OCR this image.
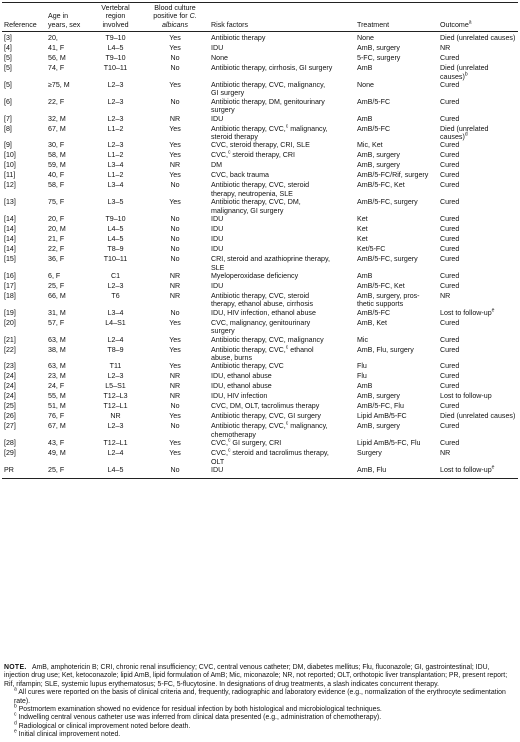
Reference	Age in years, sex	Vertebral region involved	Blood culture positive for C. albicans	Risk factors	Treatment	Outcome$^a$
[3]	20,	T9–10	Yes	Antibiotic therapy	None	Died (unrelated causes)
[4]	41, F	L4–5	Yes	IDU	AmB, surgery	NR
[5]	56, M	T9–10	No	None	5-FC, surgery	Cured
[5]	74, F	T10–11	No	Antibiotic therapy, cirrhosis, GI surgery	AmB	Died (unrelated causes)$^b$
[5]	≥75, M	L2–3	Yes	Antibiotic therapy, CVC, malignancy,
GI surgery	None	Cured
[6]	22, F	L2–3	No	Antibiotic therapy, DM, genitourinary
surgery	AmB/5-FC	Cured
[7]	32, M	L2–3	NR	IDU	AmB	Cured
[8]	67, M	L1–2	Yes	Antibiotic therapy, CVC,$^c$ malignancy,
steroid therapy	AmB/5-FC	Died (unrelated causes)$^d$
[9]	30, F	L2–3	Yes	CVC, steroid therapy, CRI, SLE	Mic, Ket	Cured
[10]	58, M	L1–2	Yes	CVC,$^c$ steroid therapy, CRI	AmB, surgery	Cured
[10]	59, M	L3–4	NR	DM	AmB, surgery	Cured
[11]	40, F	L1–2	Yes	CVC, back trauma	AmB/5-FC/Rif, surgery	Cured
[12]	58, F	L3–4	No	Antibiotic therapy, CVC, steroid
therapy, neutropenia, SLE	AmB/5-FC, Ket	Cured
[13]	75, F	L3–5	Yes	Antibiotic therapy, CVC, DM,
malignancy, GI surgery	AmB/5-FC, surgery	Cured
[14]	20, F	T9–10	No	IDU	Ket	Cured
[14]	20, M	L4–5	No	IDU	Ket	Cured
[14]	21, F	L4–5	No	IDU	Ket	Cured
[14]	22, F	T8–9	No	IDU	Ket/5-FC	Cured
[15]	36, F	T10–11	No	CRI, steroid and azathioprine therapy,
SLE	AmB/5-FC, surgery	Cured
[16]	6, F	C1	NR	Myeloperoxidase deficiency	AmB	Cured
[17]	25, F	L2–3	NR	IDU	AmB/5-FC, Ket	Cured
[18]	66, M	T6	NR	Antibiotic therapy, CVC, steroid
therapy, ethanol abuse, cirrhosis	AmB, surgery, pros-
thetic supports	NR
[19]	31, M	L3–4	No	IDU, HIV infection, ethanol abuse	AmB/5-FC	Lost to follow-$up^e$
[20]	57, F	L4–S1	Yes	CVC, malignancy, genitourinary
surgery	AmB, Ket	Cured
[21]	63, M	L2–4	Yes	Antibiotic therapy, CVC, malignancy	Mic	Cured
[22]	38, M	T8–9	Yes	Antibiotic therapy, CVC,$^c$ ethanol
abuse, burns	AmB, Flu, surgery	Cured
[23]	63, M	T11	Yes	Antibiotic therapy, CVC	Flu	Cured
[24]	23, M	L2–3	NR	IDU, ethanol abuse	Flu	Cured
[24]	24, F	L5–S1	NR	IDU, ethanol abuse	AmB	Cured
[24]	55, M	T12–L3	NR	IDU, HIV infection	AmB, surgery	Lost to follow-up
[25]	51, M	T12–L1	No	CVC, DM, OLT, tacrolimus therapy	AmB/5-FC, Flu	Cured
[26]	76, F	NR	Yes	Antibiotic therapy, CVC, GI surgery	Lipid AmB/5-FC	Died (unrelated causes)
[27]	67, M	L2–3	No	Antibiotic therapy, CVC,$^c$ malignancy,
chemotherapy	AmB, surgery	Cured
[28]	43, F	T12–L1	Yes	CVC,$^c$ GI surgery, CRI	Lipid AmB/5-FC, Flu	Cured
[29]	49, M	L2–4	Yes	CVC,$^c$ steroid and tacrolimus therapy,
OLT	Surgery	NR
PR	25, F	L4–5	No	IDU	AmB, Flu	Lost to follow-$up^e$

NOTE. AmB, amphotericin B; CRI, chronic renal insufficiency; CVC, central venous catheter; DM, diabetes mellitus; Flu, fluconazole; GI, gastrointestinal; IDU, injection drug use; Ket, ketoconazole; lipid AmB, lipid formulation of AmB; Mic, miconazole; NR, not reported; OLT, orthotopic liver transplantation; PR, present report; Rif, rifampin; SLE, systemic lupus erythematosus; 5-FC, 5-flucytosine. In designations of drug treatments, a slash indicates concurrent therapy.

$^a$ All cures were reported on the basis of clinical criteria and, frequently, radiographic and laboratory evidence (e.g., normalization of the erythrocyte sedimentation rate).

$^b$ Postmortem examination showed no evidence for residual infection by both histological and microbiological techniques.

$^c$ Indwelling central venous catheter use was inferred from clinical data presented (e.g., administration of chemotherapy).

$^d$ Radiological or clinical improvement noted before death.

$^e$ Initial clinical improvement noted.
